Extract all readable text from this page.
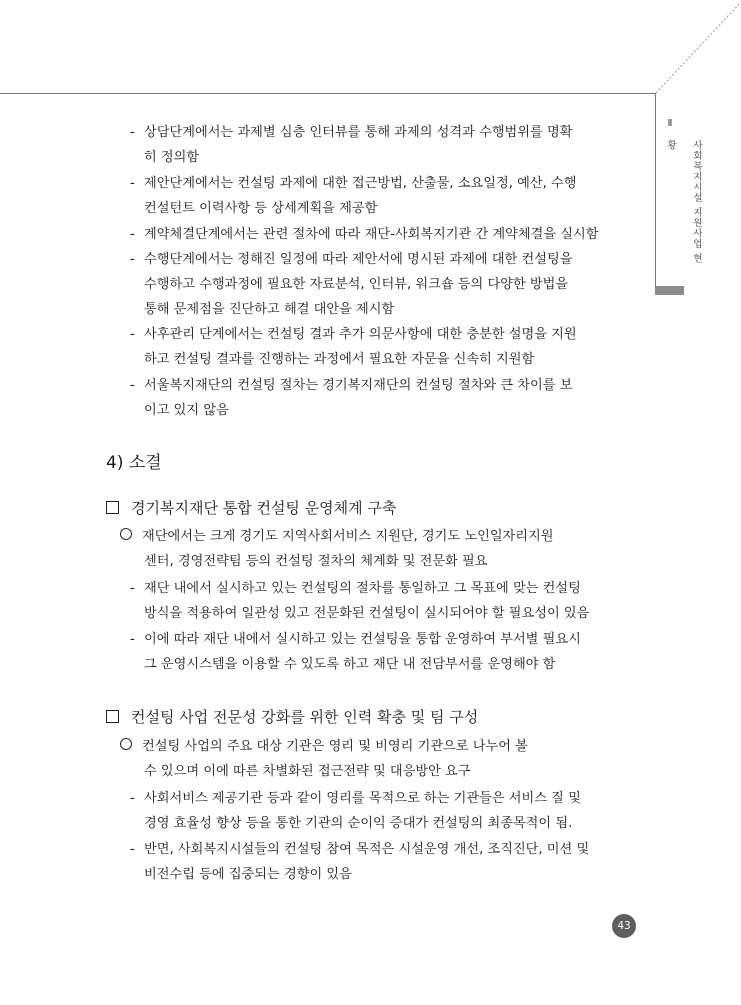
Ⅱ
사회복지시설 지원사업 현황
- 상담단계에서는 과제별 심층 인터뷰를 통해 과제의 성격과 수행범위를 명확
히 정의함
- 제안단계에서는 컨설팅 과제에 대한 접근방법, 산출물, 소요일정, 예산, 수행
컨설턴트 이력사항 등 상세계획을 제공함
- 계약체결단계에서는 관련 절차에 따라 재단-사회복지기관 간 계약체결을 실시함
- 수행단계에서는 정해진 일정에 따라 제안서에 명시된 과제에 대한 컨설팅을
수행하고 수행과정에 필요한 자료분석, 인터뷰, 워크숍 등의 다양한 방법을
통해 문제점을 진단하고 해결 대안을 제시함
- 사후관리 단계에서는 컨설팅 결과 추가 의문사항에 대한 충분한 설명을 지원
하고 컨설팅 결과를 진행하는 과정에서 필요한 자문을 신속히 지원함
- 서울복지재단의 컨설팅 절차는 경기복지재단의 컨설팅 절차와 큰 차이를 보
이고 있지 않음
4) 소결
경기복지재단 통합 컨설팅 운영체계 구축
재단에서는 크게 경기도 지역사회서비스 지원단, 경기도 노인일자리지원
센터, 경영전략팀 등의 컨설팅 절차의 체계화 및 전문화 필요
- 재단 내에서 실시하고 있는 컨설팅의 절차를 통일하고 그 목표에 맞는 컨설팅
방식을 적용하여 일관성 있고 전문화된 컨설팅이 실시되어야 할 필요성이 있음
- 이에 따라 재단 내에서 실시하고 있는 컨설팅을 통합 운영하여 부서별 필요시
그 운영시스템을 이용할 수 있도록 하고 재단 내 전담부서를 운영해야 함
컨설팅 사업 전문성 강화를 위한 인력 확충 및 팀 구성
컨설팅 사업의 주요 대상 기관은 영리 및 비영리 기관으로 나누어 볼
수 있으며 이에 따른 차별화된 접근전략 및 대응방안 요구
- 사회서비스 제공기관 등과 같이 영리를 목적으로 하는 기관들은 서비스 질 및
경영 효율성 향상 등을 통한 기관의 순이익 증대가 컨설팅의 최종목적이 됨.
- 반면, 사회복지시설들의 컨설팅 참여 목적은 시설운영 개선, 조직진단, 미션 및
비전수립 등에 집중되는 경향이 있음
43
